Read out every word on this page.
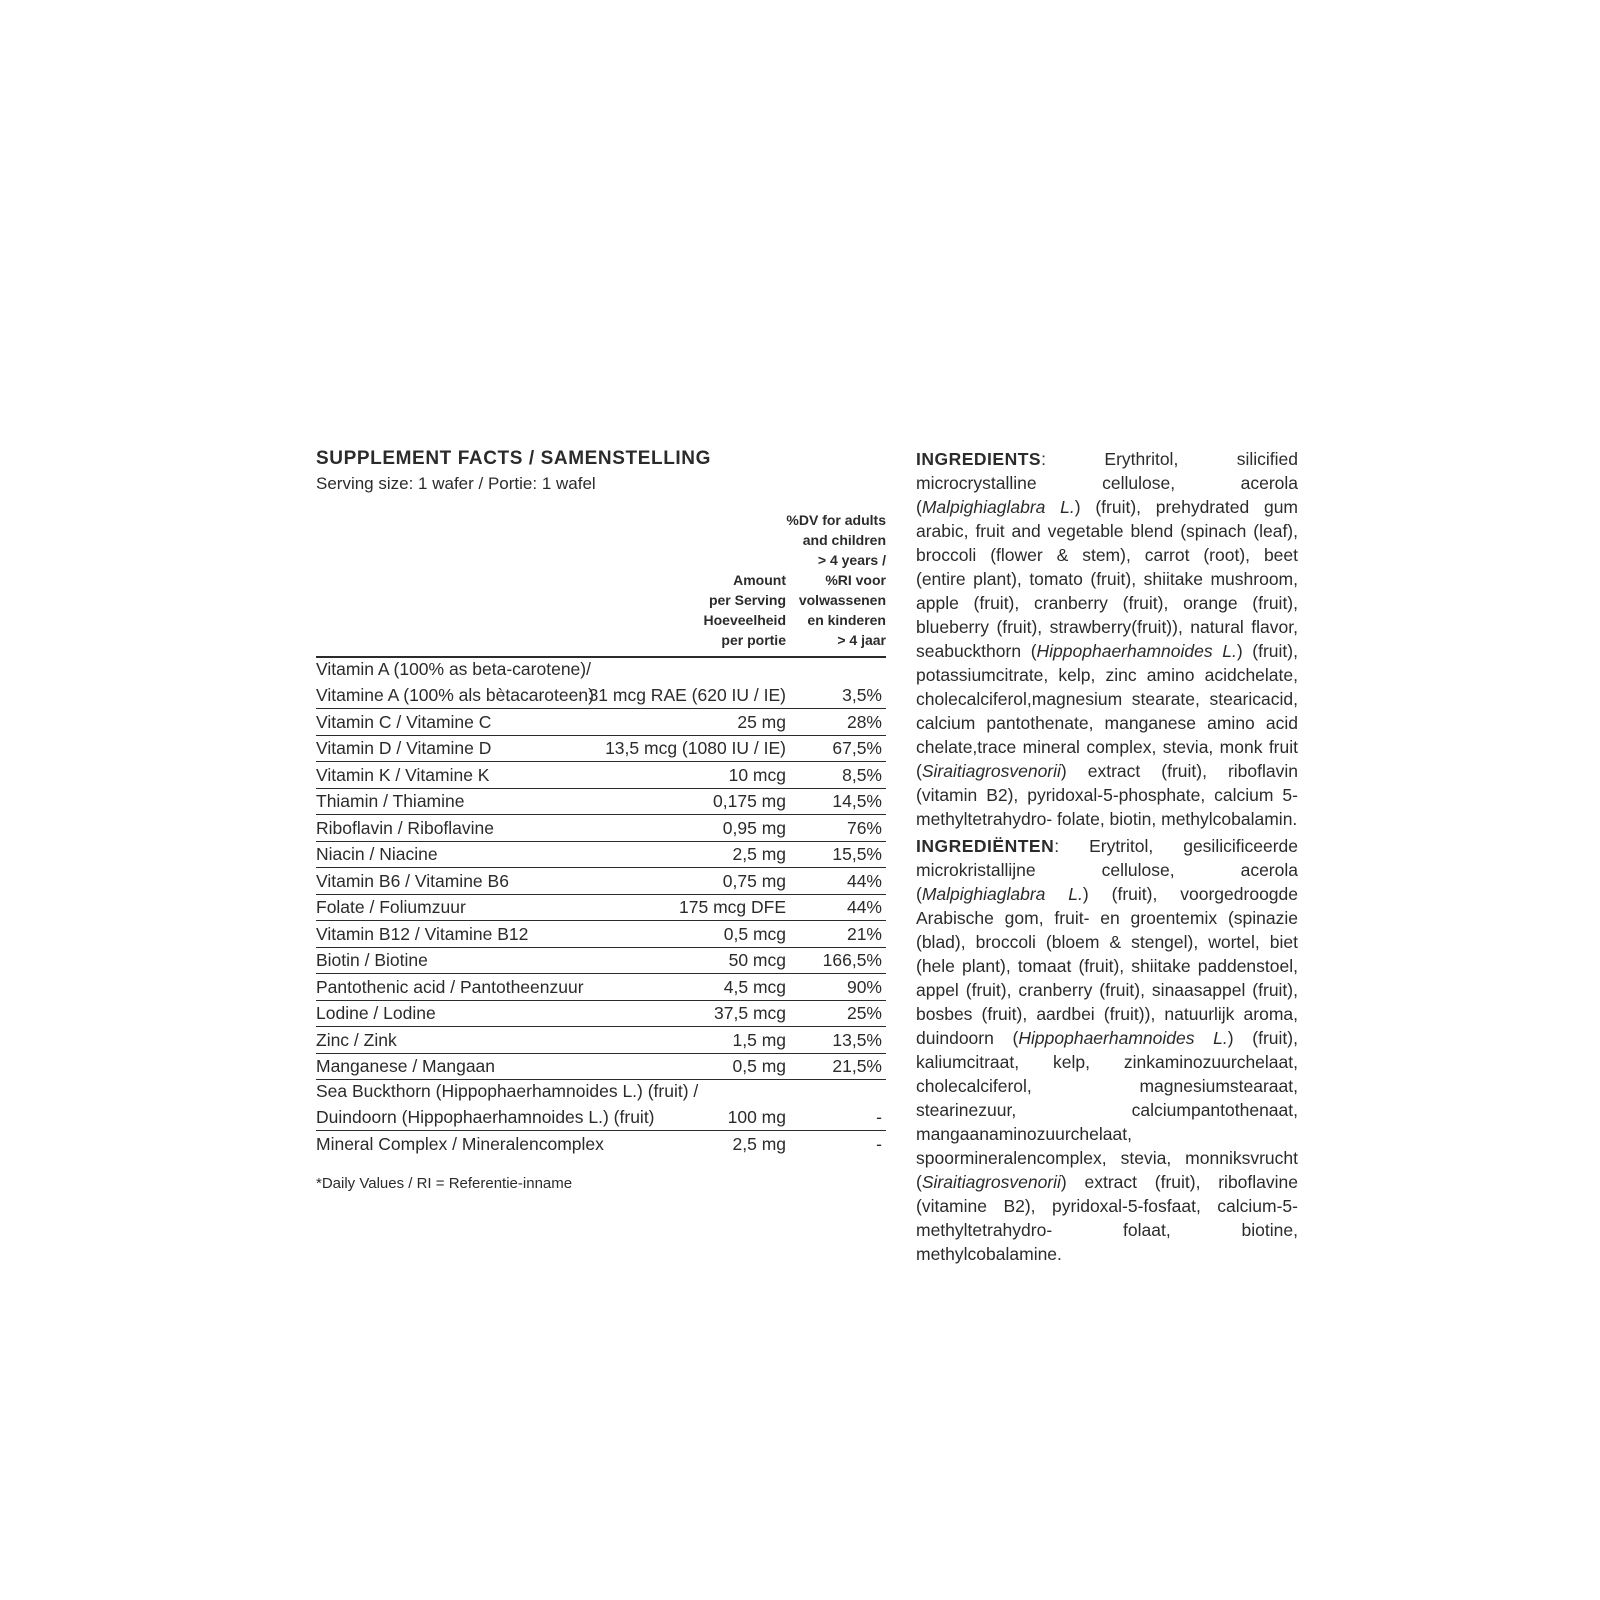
SUPPLEMENT FACTS / SAMENSTELLING
Serving size: 1 wafer / Portie: 1 wafel
Amount
per Serving
Hoeveelheid
per portie
%DV for adults
and children
> 4 years /
%RI voor
volwassenen
en kinderen
> 4 jaar
Vitamin A (100% as beta-carotene)/
Vitamine A (100% als bètacaroteen)
31 mcg RAE (620 IU / IE)	3,5%
Vitamin C / Vitamine C	25 mg	28%
Vitamin D / Vitamine D	13,5 mcg (1080 IU / IE)	67,5%
Vitamin K / Vitamine K	10 mcg	8,5%
Thiamin / Thiamine	0,175 mg	14,5%
Riboflavin / Riboflavine	0,95 mg	76%
Niacin / Niacine	2,5 mg	15,5%
Vitamin B6 / Vitamine B6	0,75 mg	44%
Folate / Foliumzuur	175 mcg DFE	44%
Vitamin B12 / Vitamine B12	0,5 mcg	21%
Biotin / Biotine	50 mcg 166,5%
Pantothenic acid / Pantotheenzuur	4,5 mcg	90%
Lodine / Lodine	37,5 mcg	25%
Zinc / Zink	1,5 mg	13,5%
Manganese / Mangaan	0,5 mg	21,5%
Sea Buckthorn (Hippophaerhamnoides L.) (fruit) /
Duindoorn (Hippophaerhamnoides L.) (fruit)	100 mg	-
Mineral Complex / Mineralencomplex	2,5 mg	-
*Daily Values / RI = Referentie-inname
INGREDIENTS: Erythritol, silicified microcrystalline cellulose, acerola (Malpighiaglabra L.) (fruit), prehydrated gum arabic, fruit and vegetable blend (spinach (leaf), broccoli (flower & stem), carrot (root), beet (entire plant), tomato (fruit), shiitake mushroom, apple (fruit), cranberry (fruit), orange (fruit), blueberry (fruit), strawberry(fruit)), natural flavor, seabuckthorn (Hippophaerhamnoides L.) (fruit), potassiumcitrate, kelp, zinc amino acidchelate, cholecalciferol,magnesium stearate, stearicacid, calcium pantothenate, manganese amino acid chelate,trace mineral complex, stevia, monk fruit (Siraitiagrosvenorii) extract (fruit), riboflavin (vitamin B2), pyridoxal-5-phosphate, calcium 5-methyltetrahydro- folate, biotin, methylcobalamin.
INGREDIËNTEN: Erytritol, gesilicificeerde microkristallijne cellulose, acerola (Malpighiaglabra L.) (fruit), voorgedroogde Arabische gom, fruit- en groentemix (spinazie (blad), broccoli (bloem & stengel), wortel, biet (hele plant), tomaat (fruit), shiitake paddenstoel, appel (fruit), cranberry (fruit), sinaasappel (fruit), bosbes (fruit), aardbei (fruit)), natuurlijk aroma, duindoorn (Hippophaerhamnoides L.) (fruit), kaliumcitraat, kelp, zinkaminozuurchelaat, cholecalciferol, magnesiumstearaat, stearinezuur, calciumpantothenaat, mangaanaminozuurchelaat, spoormineralencomplex, stevia, monniksvrucht (Siraitiagrosvenorii) extract (fruit), riboflavine (vitamine B2), pyridoxal-5-fosfaat, calcium-5-methyltetrahydro- folaat, biotine, methylcobalamine.
